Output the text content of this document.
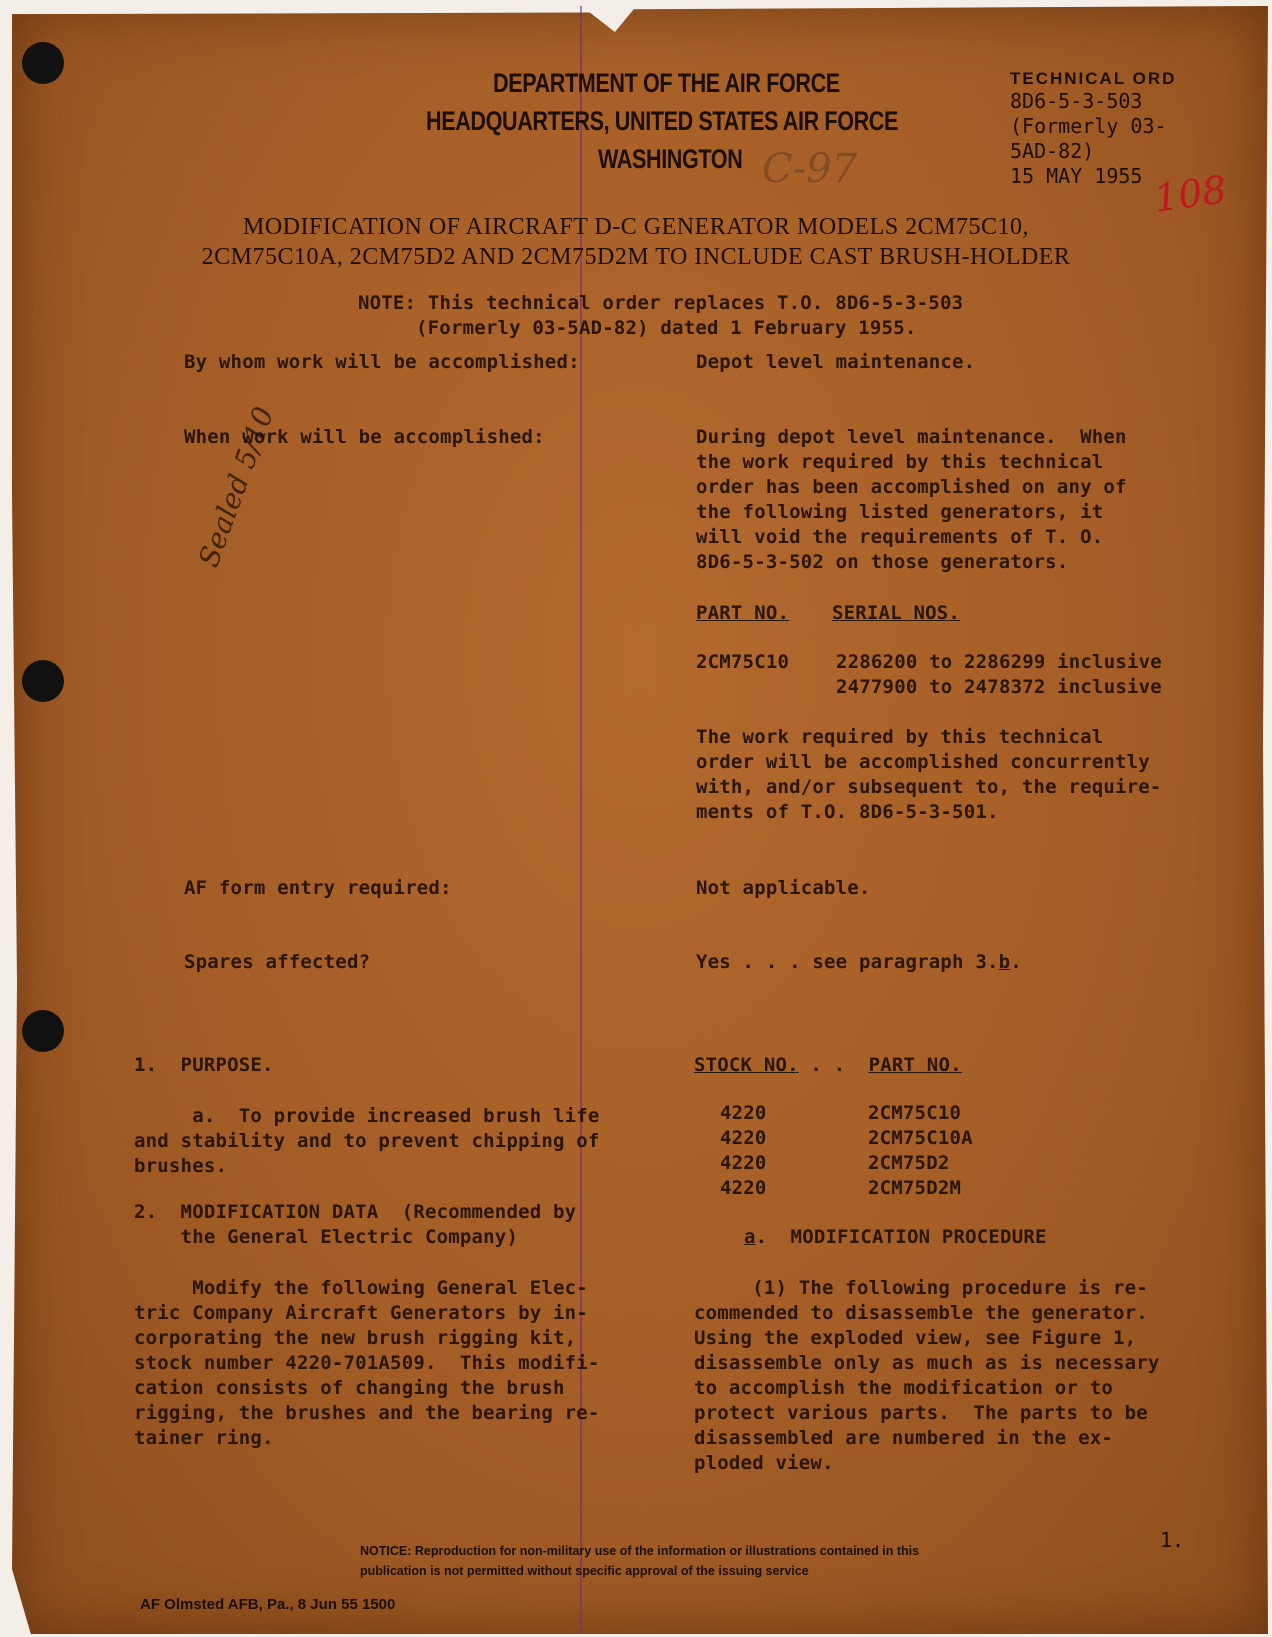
DEPARTMENT OF THE AIR FORCE
HEADQUARTERS, UNITED STATES AIR FORCE
WASHINGTON C-97
TECHNICAL ORD
8D6-5-3-503
(Formerly 03-
5AD-82)
15 MAY 1955 108
MODIFICATION OF AIRCRAFT D-C GENERATOR MODELS 2CM75C10,
2CM75C10A, 2CM75D2 AND 2CM75D2M TO INCLUDE CAST BRUSH-HOLDER
NOTE: This technical order replaces T.O. 8D6-5-3-503
(Formerly 03-5AD-82) dated 1 February 1955.
By whom work will be accomplished:	Depot level maintenance.
When work will be accomplished:	During depot level maintenance.  When
the work required by this technical
order has been accomplished on any of
the following listed generators, it
will void the requirements of T. O.
8D6-5-3-502 on those generators.
Sealed 5/10
PART NO. SERIAL NOS.
2CM75C10 2286200 to 2286299 inclusive
2477900 to 2478372 inclusive
The work required by this technical
order will be accomplished concurrently
with, and/or subsequent to, the require-
ments of T.O. 8D6-5-3-501.
AF form entry required:	Not applicable.
Spares affected?	Yes . . . see paragraph 3.b.
1.  PURPOSE.
a.  To provide increased brush life
and stability and to prevent chipping of
brushes.
STOCK NO. . . PART NO.
4220	2CM75C10
4220	2CM75C10A
4220	2CM75D2
4220	2CM75D2M
2.  MODIFICATION DATA  (Recommended by
the General Electric Company)
Modify the following General Elec-
tric Company Aircraft Generators by in-
corporating the new brush rigging kit,
stock number 4220-701A509.  This modifi-
cation consists of changing the brush
rigging, the brushes and the bearing re-
tainer ring.
a.  MODIFICATION PROCEDURE
(1) The following procedure is re-
commended to disassemble the generator.
Using the exploded view, see Figure 1,
disassemble only as much as is necessary
to accomplish the modification or to
protect various parts.  The parts to be
disassembled are numbered in the ex-
ploded view.
NOTICE: Reproduction for non-military use of the information or illustrations contained in this
publication is not permitted without specific approval of the issuing service
1.
AF Olmsted AFB, Pa., 8 Jun 55 1500
